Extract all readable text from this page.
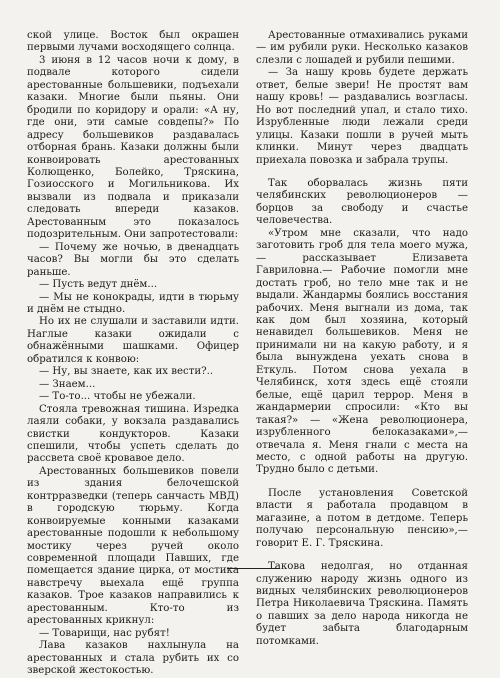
ской улице. Восток был окрашен первыми лучами восходящего солнца.

3 июня в 12 часов ночи к дому, в подвале которого сидели арестованные большевики, подъехали казаки. Многие были пьяны. Они бродили по коридору и орали: «А ну, где они, эти самые совдепы?» По адресу большевиков раздавалась отборная брань. Казаки должны были конвоировать арестованных Колющенко, Болейко, Тряскина, Гозиосского и Могильникова. Их вызвали из подвала и приказали следовать впереди казаков. Арестованным это показалось подозрительным. Они запротестовали:

— Почему же ночью, в двенадцать часов? Вы могли бы это сделать раньше.

— Пусть ведут днём...

— Мы не конокрады, идти в тюрьму и днём не стыдно.

Но их не слушали и заставили идти. Наглые казаки ожидали с обнажёнными шашками. Офицер обратился к конвою:

— Ну, вы знаете, как их вести?..

— Знаем...

— То-то... чтобы не убежали.

Стояла тревожная тишина. Изредка лаяли собаки, у вокзала раздавались свистки кондукторов. Казаки спешили, чтобы успеть сделать до рассвета своё кровавое дело.

Арестованных большевиков повели из здания белочешской контрразведки (теперь санчасть МВД) в городскую тюрьму. Когда конвоируемые конными казаками арестованные подошли к небольшому мостику через ручей около современной площади Павших, где помещается здание цирка, от мостика навстречу выехала ещё группа казаков. Трое казаков направились к арестованным. Кто-то из арестованных крикнул:

— Товарищи, нас рубят!

Лава казаков нахлынула на арестованных и стала рубить их со зверской жестокостью.

Арестованные отмахивались руками — им рубили руки. Несколько казаков слезли с лошадей и рубили пешими.

— За нашу кровь будете держать ответ, белые звери! Не простят вам нашу кровь! — раздавались возгласы. Но вот последний упал, и стало тихо. Изрубленные люди лежали среди улицы. Казаки пошли в ручей мыть клинки. Минут через двадцать приехала повозка и забрала трупы.

Так оборвалась жизнь пяти челябинских революционеров — борцов за свободу и счастье человечества.

«Утром мне сказали, что надо заготовить гроб для тела моего мужа,— рассказывает Елизавета Гавриловна.— Рабочие помогли мне достать гроб, но тело мне так и не выдали. Жандармы боялись восстания рабочих. Меня выгнали из дома, так как дом был хозяина, который ненавидел большевиков. Меня не принимали ни на какую работу, и я была вынуждена уехать снова в Еткуль. Потом снова уехала в Челябинск, хотя здесь ещё стояли белые, ещё царил террор. Меня в жандармерии спросили: «Кто вы такая?» — «Жена революционера, изрубленного белоказаками»,— отвечала я. Меня гнали с места на место, с одной работы на другую. Трудно было с детьми.

После установления Советской власти я работала продавцом в магазине, а потом в детдоме. Теперь получаю персональную пенсию»,— говорит Е. Г. Тряскина.

Такова недолгая, но отданная служению народу жизнь одного из видных челябинских революционеров Петра Николаевича Тряскина. Память о павших за дело народа никогда не будет забыта благодарным потомками.
